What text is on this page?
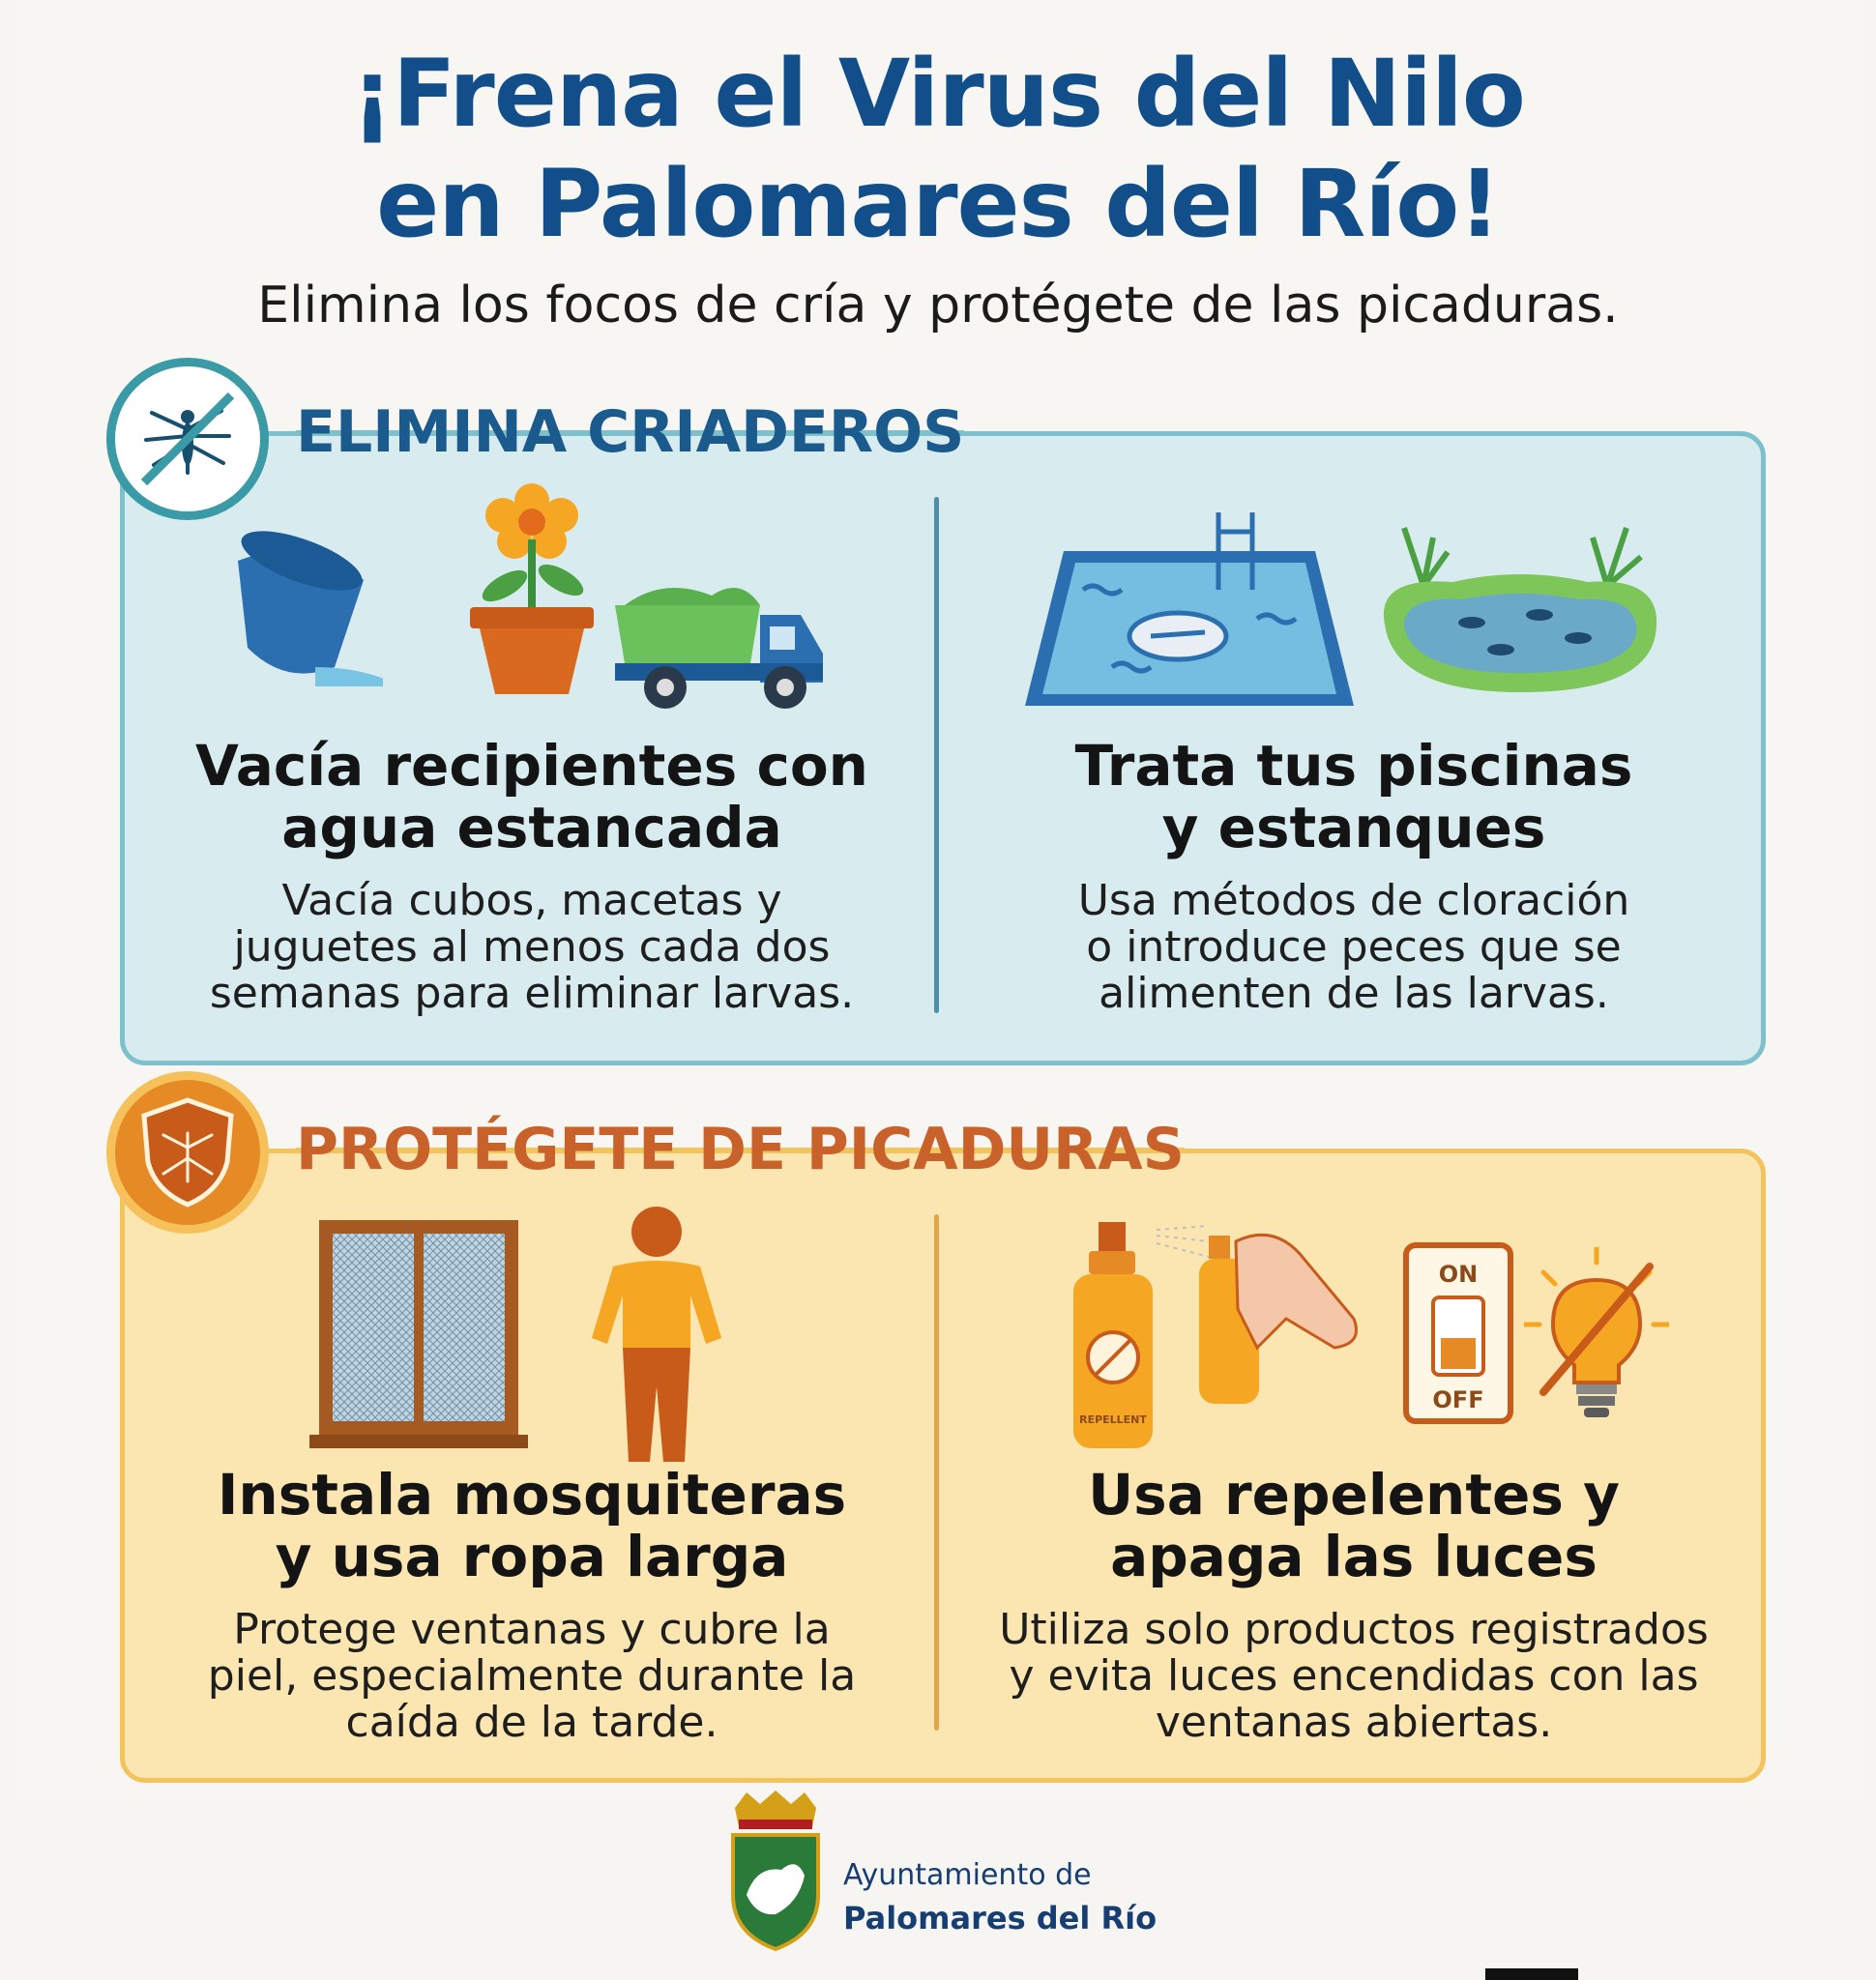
¡Frena el Virus del Nilo
en Palomares del Río!

Elimina los focos de cría y protégete de las picaduras.

ELIMINA CRIADEROS

Vacía recipientes con

agua estancada

Vacía cubos, macetas y
juguetes al menos cada dos
semanas para eliminar larvas.

Trata tus piscinas

y estanques

Usa métodos de cloración
o introduce peces que se
alimenten de las larvas.
PROTÉGETE DE PICADURAS

Instala mosquiteras

y usa ropa larga

Protege ventanas y cubre la
piel, especialmente durante la
caída de la tarde.
REPELLENT
ON
OFF

Usa repelentes y

apaga las luces

Utiliza solo productos registrados
y evita luces encendidas con las
ventanas abiertas.

Ayuntamiento de

Palomares del Río
